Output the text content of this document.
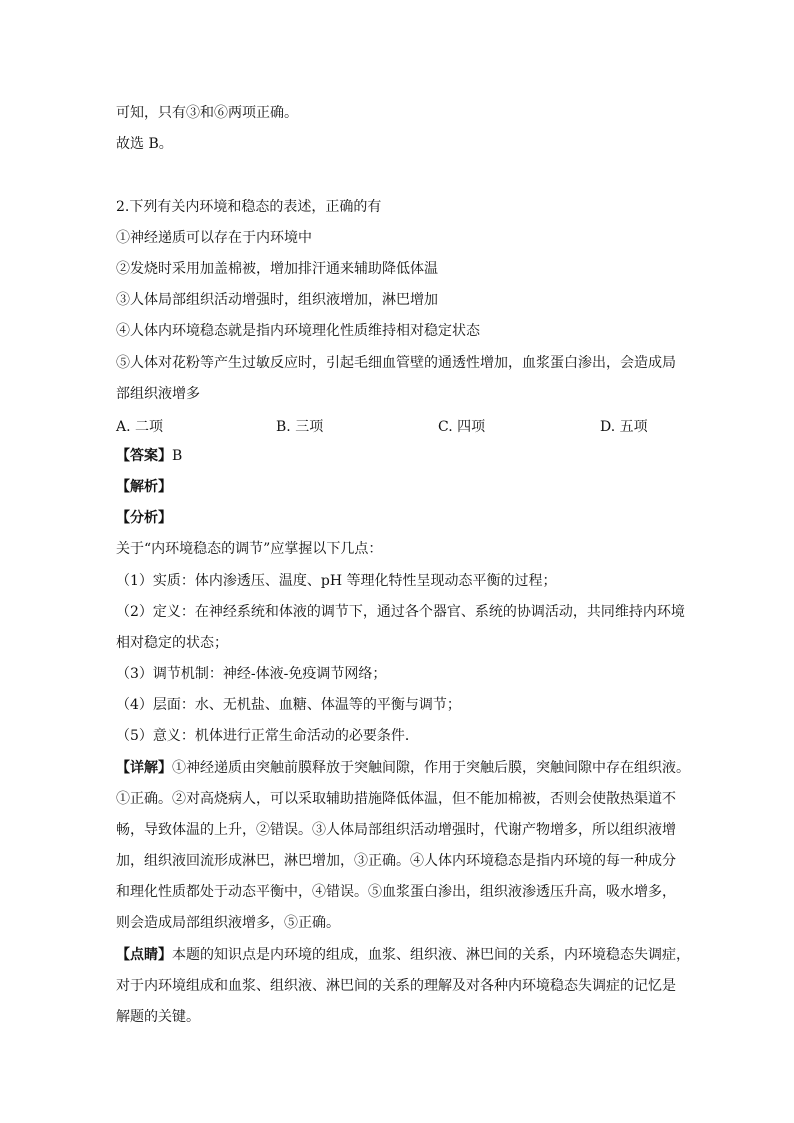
可知，只有③和⑥两项正确。
故选 B。
2.下列有关内环境和稳态的表述，正确的有
①神经递质可以存在于内环境中
②发烧时采用加盖棉被，增加排汗通来辅助降低体温
③人体局部组织活动增强时，组织液增加，淋巴增加
④人体内环境稳态就是指内环境理化性质维持相对稳定状态
⑤人体对花粉等产生过敏反应时，引起毛细血管壁的通透性增加，血浆蛋白渗出，会造成局
部组织液增多
A. 二项	B. 三项	C. 四项	D. 五项
【答案】B
【解析】
【分析】
关于“内环境稳态的调节”应掌握以下几点：
（1）实质：体内渗透压、温度、pH 等理化特性呈现动态平衡的过程；
（2）定义：在神经系统和体液的调节下，通过各个器官、系统的协调活动，共同维持内环境
相对稳定的状态；
（3）调节机制：神经-体液-免疫调节网络；
（4）层面：水、无机盐、血糖、体温等的平衡与调节；
（5）意义：机体进行正常生命活动的必要条件．
【详解】①神经递质由突触前膜释放于突触间隙，作用于突触后膜，突触间隙中存在组织液。
①正确。②对高烧病人，可以采取辅助措施降低体温，但不能加棉被，否则会使散热渠道不
畅，导致体温的上升，②错误。③人体局部组织活动增强时，代谢产物增多，所以组织液增
加，组织液回流形成淋巴，淋巴增加，③正确。④人体内环境稳态是指内环境的每一种成分
和理化性质都处于动态平衡中，④错误。⑤血浆蛋白渗出，组织液渗透压升高，吸水增多，
则会造成局部组织液增多，⑤正确。
【点睛】本题的知识点是内环境的组成，血浆、组织液、淋巴间的关系，内环境稳态失调症，
对于内环境组成和血浆、组织液、淋巴间的关系的理解及对各种内环境稳态失调症的记忆是
解题的关键。
